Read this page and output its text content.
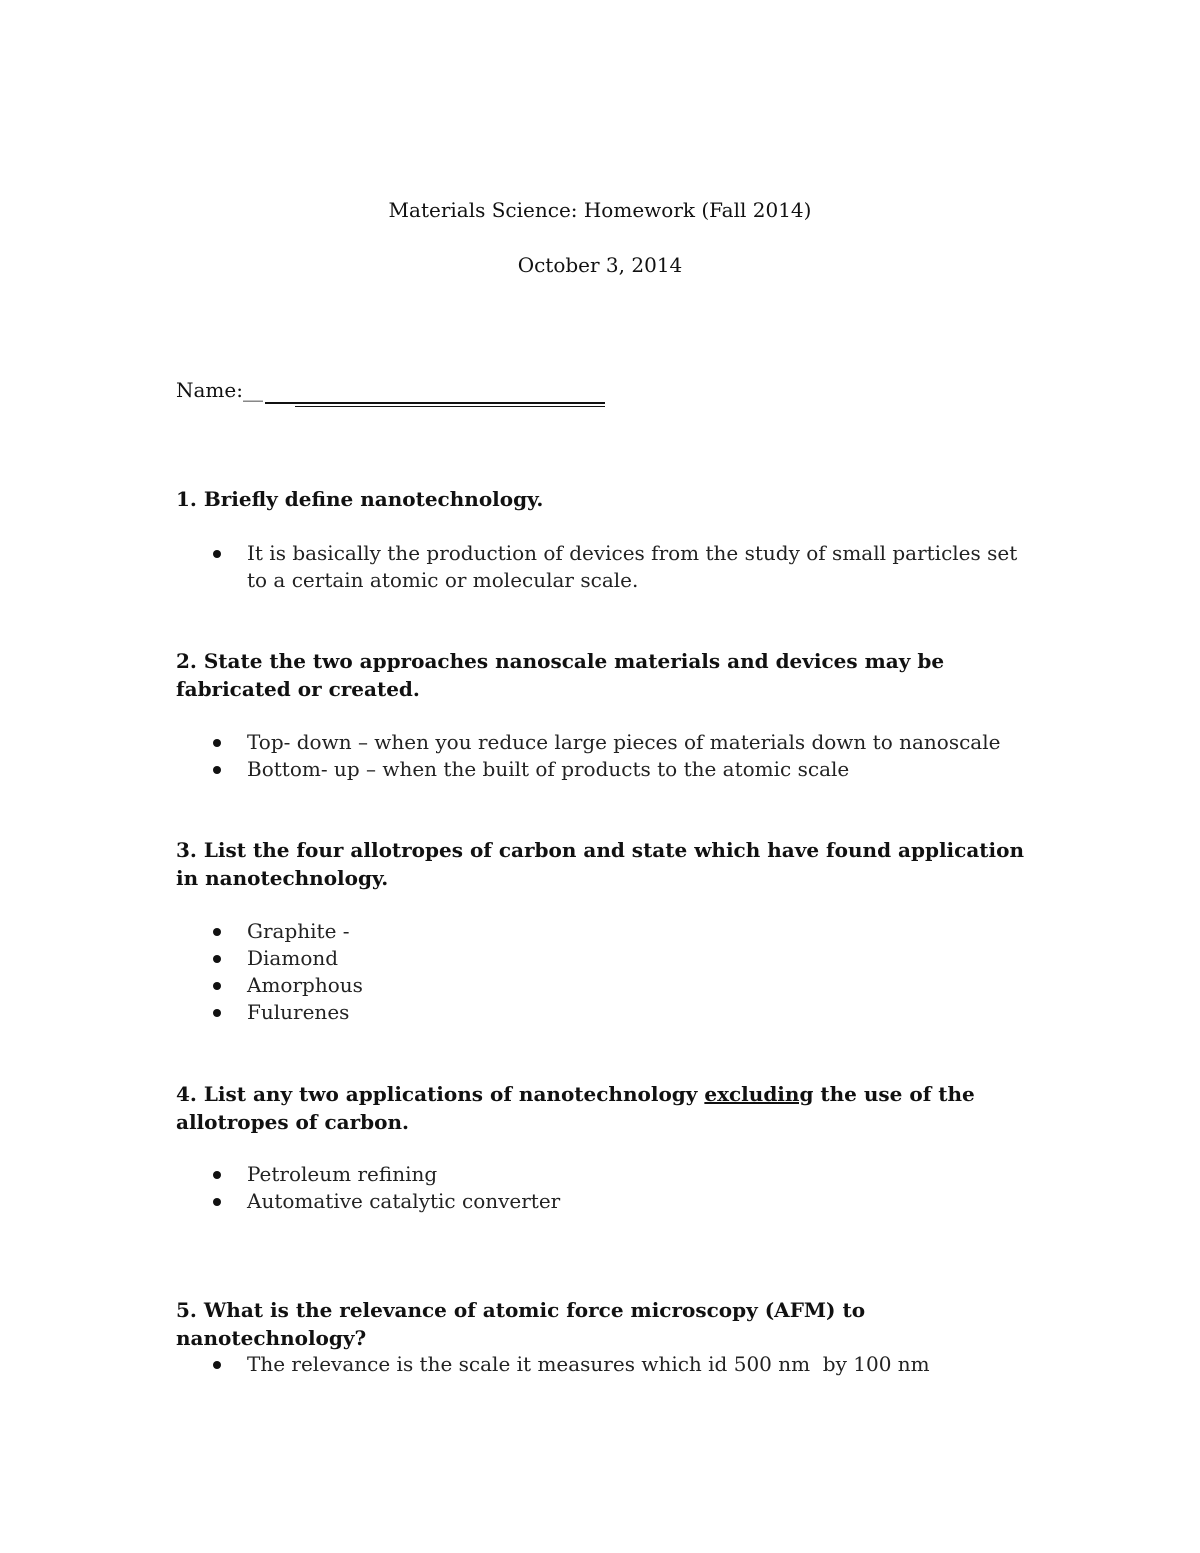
Materials Science: Homework (Fall 2014)
October 3, 2014
Name:__
1. Briefly define nanotechnology.
It is basically the production of devices from the study of small particles set to a certain atomic or molecular scale.
2. State the two approaches nanoscale materials and devices may be fabricated or created.
Top- down – when you reduce large pieces of materials down to nanoscale
Bottom- up – when the built of products to the atomic scale
3. List the four allotropes of carbon and state which have found application in nanotechnology.
Graphite -
Diamond
Amorphous
Fulurenes
4. List any two applications of nanotechnology excluding the use of the allotropes of carbon.
Petroleum refining
Automative catalytic converter
5. What is the relevance of atomic force microscopy (AFM) to nanotechnology?
The relevance is the scale it measures which id 500 nm  by 100 nm
